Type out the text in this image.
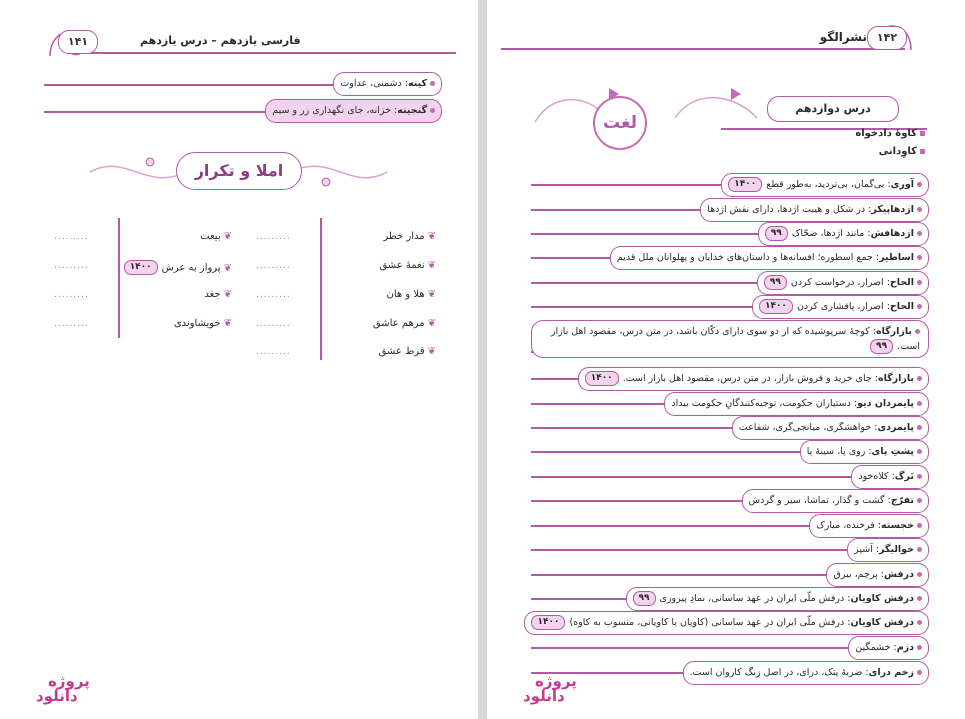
فارسی یازدهم – درس یازدهم
۱۴۱
کینه: دشمنی، عداوت
گنجینه: خزانه، جای نگهداری زر و سیم
املا و تکرار
❦مدار خطر
❦نغمهٔ عشق
❦هلا و هان
❦مرهم عاشق
❦قرط عشق
.........
.........
.........
.........
.........
❦بیعت
❦پرواز به عرش۱۴۰۰
❦جغد
❦خویشاوندی
.........
.........
.........
.........
پروژه
دانلود
نشرالگو ۱۴۲
درس دوازدهم
لغت
کاوهٔ دادخواه
کاوِدانی
آوری: بی‌گمان، بی‌تردید، به‌طور قطع۱۴۰۰
اژدهاپیکر: در شکل و هیبت اژدها، دارای نقش اژدها
اژدهافش: مانند اژدها، ضحّاک۹۹
اساطیر: جمع اسطوره؛ افسانه‌ها و داستان‌های خدایان و پهلوانان ملل قدیم
الحاح: اصرار، درخواست کردن۹۹
الحاح: اصرار، پافشاری کردن۱۴۰۰
بازارگاه: کوچهٔ سرپوشیده که از دو سوی دارای دکّان باشد، در متن درس، مقصود اهل بازار است.۹۹
بازارگاه: جای خرید و فروش بازار، در متن درس، مقصود اهل بازار است.۱۴۰۰
پایمردان دیو: دستیاران حکومت، توجیه‌کنندگانِ حکومت بیداد
پایمردی: خواهشگری، میانجی‌گری، شفاعت
پشتِ پای: روی پا، سینهٔ پا
تَرگ: کلاه‌خود
تفرّج: گشت و گذار، تماشا، سیر و گردش
خجسته: فرخنده، مبارک
خوالیگر: آشپز
درفش: پرچم، بیرق
درفش کاویان: درفش ملّی ایران در عهد ساسانی، نمادِ پیروزی۹۹
درفش کاویان: درفش ملّی ایران در عهد ساسانی (کاویان یا کاویانی، منسوب به کاوه)۱۴۰۰
دژم: خشمگین
زخم درای: ضربهٔ پتک، درای، در اصل زنگ کاروان است.
پروژه
دانلود
